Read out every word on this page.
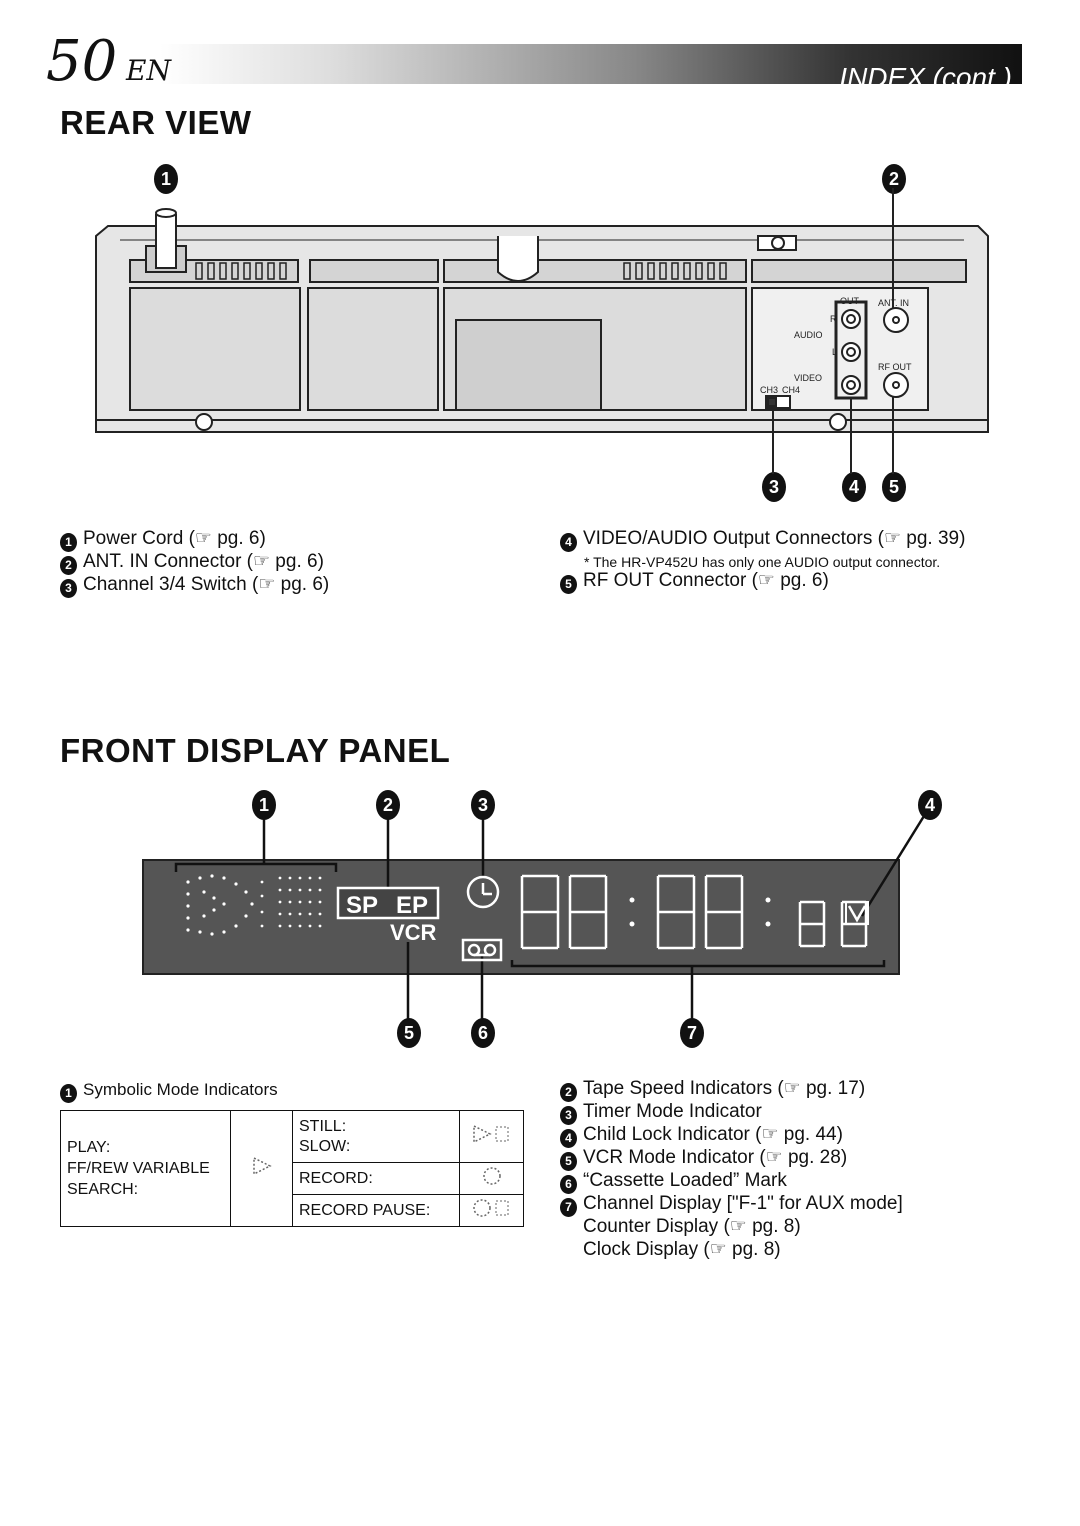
INDEX (cont.)
50 EN
REAR VIEW
1	2
3	4	5
OUT ANT. IN
R
AUDIO
L
VIDEO
RF OUT
CH3 CH4
1 Power Cord (☞ pg. 6)
2 ANT. IN Connector (☞ pg. 6)
3 Channel 3/4 Switch (☞ pg. 6)
4 VIDEO/AUDIO Output Connectors (☞ pg. 39)
* The HR-VP452U has only one AUDIO output connector.
5 RF OUT Connector (☞ pg. 6)
FRONT DISPLAY PANEL
1	2	3	4
5	6	7
SP EP
VCR
1 Symbolic Mode Indicators
PLAY:
FF/REW VARIABLE
SEARCH:		STILL:
SLOW:	
		RECORD:	
		RECORD PAUSE:	
2 Tape Speed Indicators (☞ pg. 17)
3 Timer Mode Indicator
4 Child Lock Indicator (☞ pg. 44)
5 VCR Mode Indicator (☞ pg. 28)
6 “Cassette Loaded” Mark
7 Channel Display ["F-1" for AUX mode]
Counter Display (☞ pg. 8)
Clock Display (☞ pg. 8)
